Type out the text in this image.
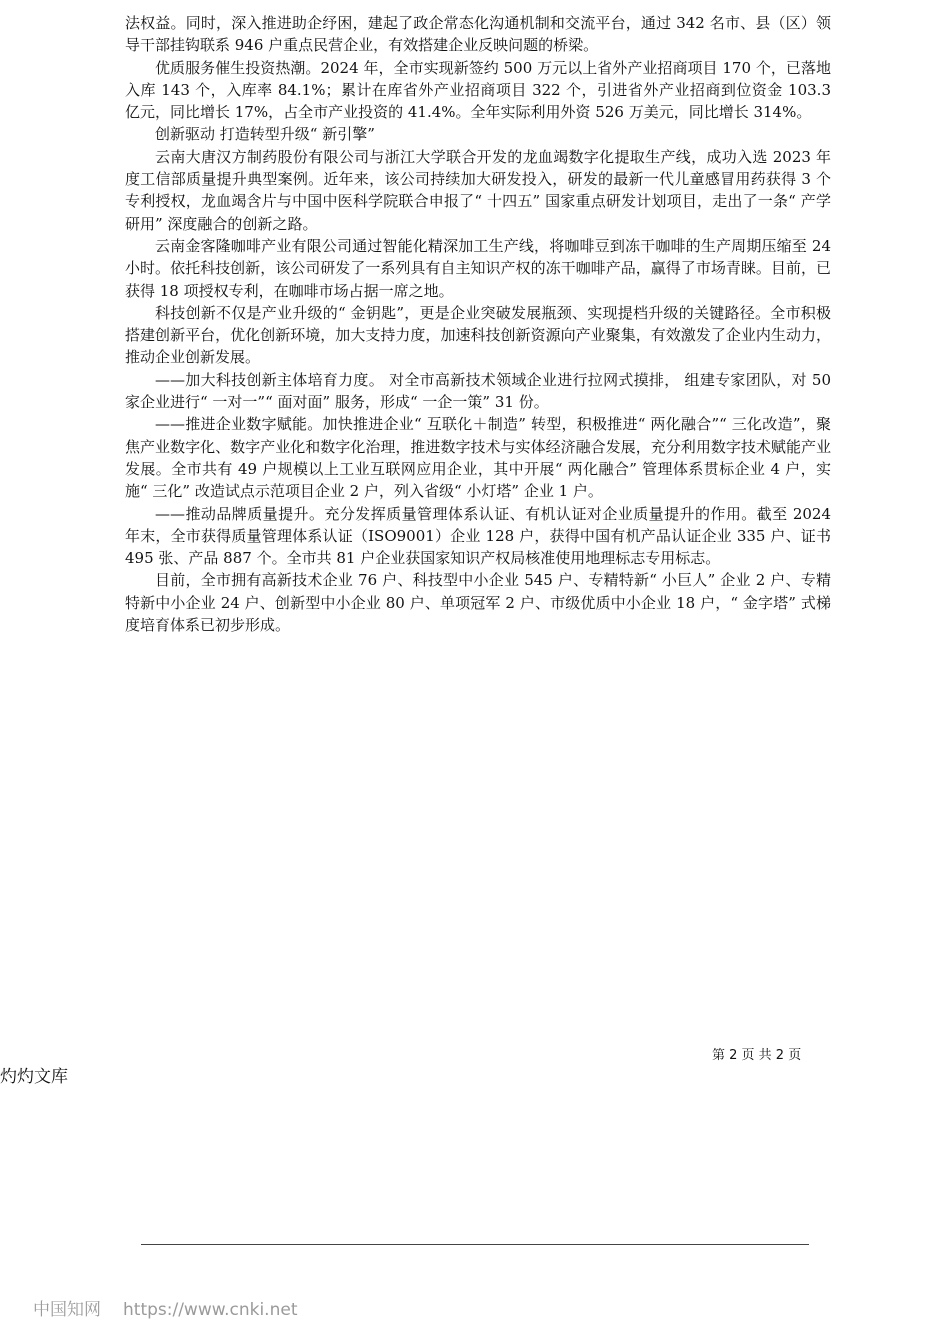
法权益。同时，深入推进助企纾困，建起了政企常态化沟通机制和交流平台，通过 342 名市、县（区）领导干部挂钩联系 946 户重点民营企业，有效搭建企业反映问题的桥梁。

优质服务催生投资热潮。2024 年，全市实现新签约 500 万元以上省外产业招商项目 170 个，已落地入库 143 个，入库率 84.1%；累计在库省外产业招商项目 322 个，引进省外产业招商到位资金 103.3 亿元，同比增长 17%，占全市产业投资的 41.4%。全年实际利用外资 526 万美元，同比增长 314%。

创新驱动 打造转型升级“ 新引擎”

云南大唐汉方制药股份有限公司与浙江大学联合开发的龙血竭数字化提取生产线，成功入选 2023 年度工信部质量提升典型案例。近年来，该公司持续加大研发投入，研发的最新一代儿童感冒用药获得 3 个专利授权，龙血竭含片与中国中医科学院联合申报了“ 十四五” 国家重点研发计划项目，走出了一条“ 产学研用” 深度融合的创新之路。

云南金客隆咖啡产业有限公司通过智能化精深加工生产线，将咖啡豆到冻干咖啡的生产周期压缩至 24 小时。依托科技创新，该公司研发了一系列具有自主知识产权的冻干咖啡产品，赢得了市场青睐。目前，已获得 18 项授权专利，在咖啡市场占据一席之地。

科技创新不仅是产业升级的“ 金钥匙”，更是企业突破发展瓶颈、实现提档升级的关键路径。全市积极搭建创新平台，优化创新环境，加大支持力度，加速科技创新资源向产业聚集，有效激发了企业内生动力，推动企业创新发展。

——加大科技创新主体培育力度。 对全市高新技术领域企业进行拉网式摸排， 组建专家团队，对 50 家企业进行“ 一对一”“ 面对面” 服务，形成“ 一企一策” 31 份。

——推进企业数字赋能。加快推进企业“ 互联化＋制造” 转型，积极推进“ 两化融合”“ 三化改造”，聚焦产业数字化、数字产业化和数字化治理，推进数字技术与实体经济融合发展，充分利用数字技术赋能产业发展。全市共有 49 户规模以上工业互联网应用企业，其中开展“ 两化融合” 管理体系贯标企业 4 户，实施“ 三化” 改造试点示范项目企业 2 户，列入省级“ 小灯塔” 企业 1 户。

——推动品牌质量提升。充分发挥质量管理体系认证、有机认证对企业质量提升的作用。截至 2024 年末，全市获得质量管理体系认证（ISO9001）企业 128 户，获得中国有机产品认证企业 335 户、证书 495 张、产品 887 个。全市共 81 户企业获国家知识产权局核准使用地理标志专用标志。

目前，全市拥有高新技术企业 76 户、科技型中小企业 545 户、专精特新“ 小巨人” 企业 2 户、专精特新中小企业 24 户、创新型中小企业 80 户、单项冠军 2 户、市级优质中小企业 18 户，“ 金字塔” 式梯度培育体系已初步形成。

第 2 页 共 2 页
灼灼文库
中国知网 https://www.cnki.net
